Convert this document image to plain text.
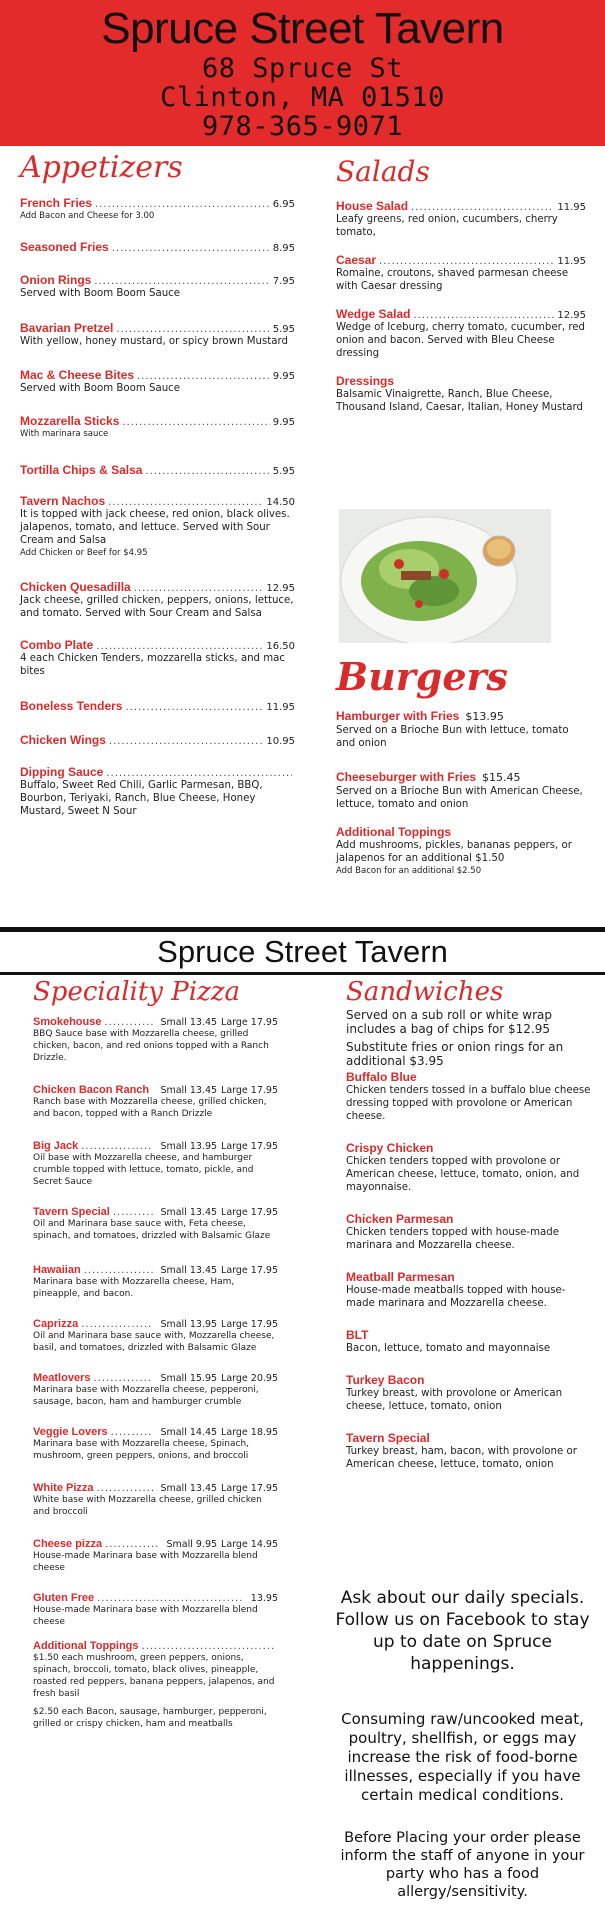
Spruce Street Tavern
68 Spruce St
Clinton, MA 01510
978-365-9071
Appetizers
French Fries .....	6.95
Add Bacon and Cheese for 3.00
Seasoned Fries .....	8.95
Onion Rings .....	7.95
Served with Boom Boom Sauce
Bavarian Pretzel .....	5.95
With yellow, honey mustard, or spicy brown Mustard
Mac & Cheese Bites .....	9.95
Served with Boom Boom Sauce
Mozzarella Sticks .....	9.95
With marinara sauce
Tortilla Chips & Salsa .....	5.95
Tavern Nachos .....	14.50
It is topped with jack cheese, red onion, black olives. jalapenos, tomato, and lettuce. Served with Sour Cream and Salsa
Add Chicken or Beef for $4.95
Chicken Quesadilla .....	12.95
Jack cheese, grilled chicken, peppers, onions, lettuce, and tomato. Served with Sour Cream and Salsa
Combo Plate .....	16.50
4 each Chicken Tenders, mozzarella sticks, and mac bites
Boneless Tenders .....	11.95
Chicken Wings .....	10.95
Dipping Sauce
.....
Buffalo, Sweet Red Chili, Garlic Parmesan, BBQ, Bourbon, Teriyaki, Ranch, Blue Cheese, Honey Mustard, Sweet N Sour
Salads
House Salad .....	11.95
Leafy greens, red onion, cucumbers, cherry tomato,
Caesar .....	11.95
Romaine, croutons, shaved parmesan cheese with Caesar dressing
Wedge Salad .....	12.95
Wedge of Iceburg, cherry tomato, cucumber, red onion and bacon. Served with Bleu Cheese dressing
Dressings
Balsamic Vinaigrette, Ranch, Blue Cheese, Thousand Island, Caesar, Italian, Honey Mustard
Burgers
Hamburger with Fries $13.95
Served on a Brioche Bun with lettuce, tomato and onion
Cheeseburger with Fries $15.45
Served on a Brioche Bun with American Cheese, lettuce, tomato and onion
Additional Toppings
Add mushrooms, pickles, bananas peppers, or jalapenos for an additional $1.50
Add Bacon for an additional $2.50
Spruce Street Tavern
Speciality Pizza
Smokehouse .....	Small 13.45 Large 17.95
BBQ Sauce base with Mozzarella cheese, grilled chicken, bacon, and red onions topped with a Ranch Drizzle.
Chicken Bacon Ranch ..... Small 13.45 Large 17.95
Ranch base with Mozzarella cheese, grilled chicken, and bacon, topped with a Ranch Drizzle
Big Jack .....	Small 13.95 Large 17.95
Oil base with Mozzarella cheese, and hamburger crumble topped with lettuce, tomato, pickle, and Secret Sauce
Tavern Special .....	Small 13.45 Large 17.95
Oil and Marinara base sauce with, Feta cheese, spinach, and tomatoes, drizzled with Balsamic Glaze
Hawaiian .....	Small 13.45 Large 17.95
Marinara base with Mozzarella cheese, Ham, pineapple, and bacon.
Caprizza .....	Small 13.95 Large 17.95
Oil and Marinara base sauce with, Mozzarella cheese, basil, and tomatoes, drizzled with Balsamic Glaze
Meatlovers .....	Small 15.95 Large 20.95
Marinara base with Mozzarella cheese, pepperoni, sausage, bacon, ham and hamburger crumble
Veggie Lovers .....	Small 14.45 Large 18.95
Marinara base with Mozzarella cheese, Spinach, mushroom, green peppers, onions, and broccoli
White Pizza .....	Small 13.45 Large 17.95
White base with Mozzarella cheese, grilled chicken and broccoli
Cheese pizza .....	Small 9.95 Large 14.95
House-made Marinara base with Mozzarella blend cheese
Gluten Free .....	13.95
House-made Marinara base with Mozzarella blend cheese
Additional Toppings
.....
$1.50 each mushroom, green peppers, onions, spinach, broccoli, tomato, black olives, pineapple, roasted red peppers, banana peppers, jalapenos, and fresh basil
$2.50 each Bacon, sausage, hamburger, pepperoni, grilled or crispy chicken, ham and meatballs
Sandwiches
Served on a sub roll or white wrap includes a bag of chips for $12.95
Substitute fries or onion rings for an additional $3.95
Buffalo Blue
Chicken tenders tossed in a buffalo blue cheese dressing topped with provolone or American cheese.
Crispy Chicken
Chicken tenders topped with provolone or American cheese, lettuce, tomato, onion, and mayonnaise.
Chicken Parmesan
Chicken tenders topped with house-made marinara and Mozzarella cheese.
Meatball Parmesan
House-made meatballs topped with house-made marinara and Mozzarella cheese.
BLT
Bacon, lettuce, tomato and mayonnaise
Turkey Bacon
Turkey breast, with provolone or American cheese, lettuce, tomato, onion
Tavern Special
Turkey breast, ham, bacon, with provolone or American cheese, lettuce, tomato, onion
Ask about our daily specials. Follow us on Facebook to stay up to date on Spruce happenings.
Consuming raw/uncooked meat, poultry, shellfish, or eggs may increase the risk of food-borne illnesses, especially if you have certain medical conditions.
Before Placing your order please inform the staff of anyone in your party who has a food allergy/sensitivity.
